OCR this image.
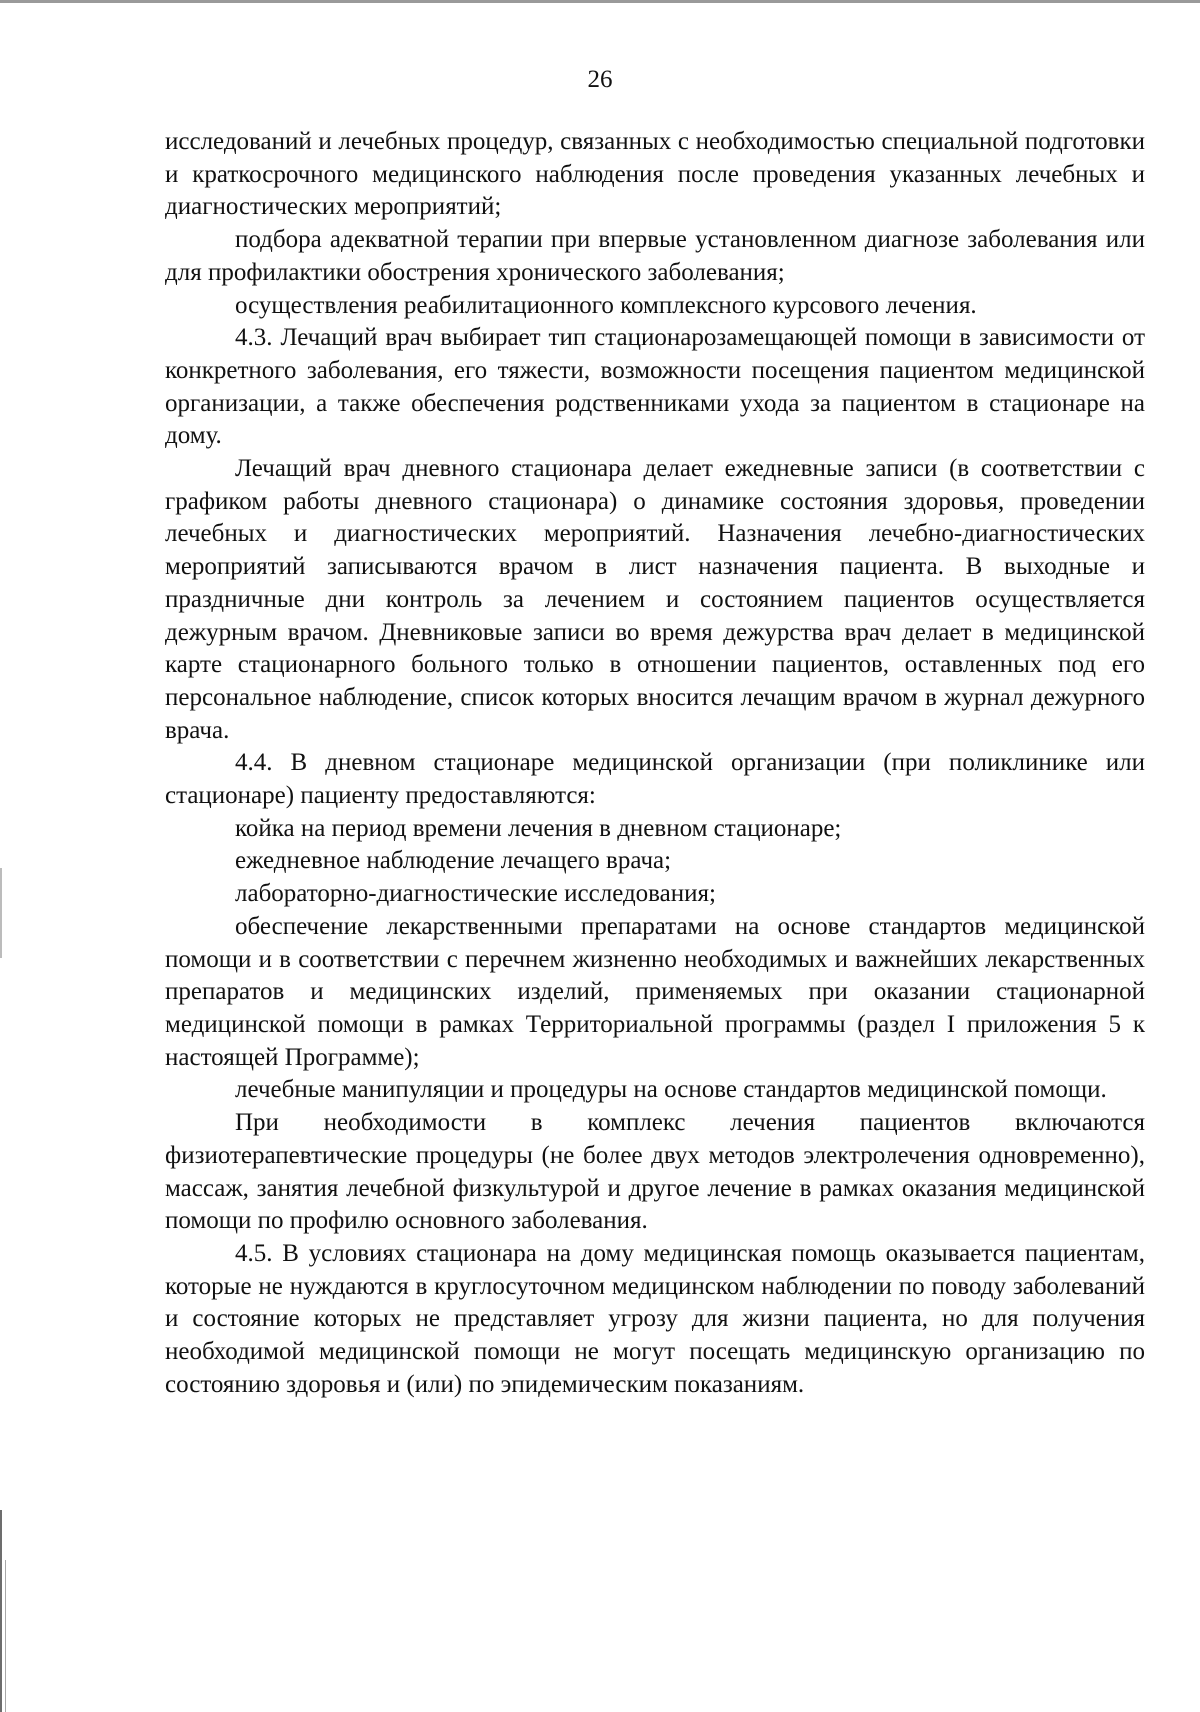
26

исследований и лечебных процедур, связанных с необходимостью специальной подготовки и краткосрочного медицинского наблюдения после проведения указанных лечебных и диагностических мероприятий;

подбора адекватной терапии при впервые установленном диагнозе заболевания или для профилактики обострения хронического заболевания;

осуществления реабилитационного комплексного курсового лечения.

4.3. Лечащий врач выбирает тип стационарозамещающей помощи в зависимости от конкретного заболевания, его тяжести, возможности посещения пациентом медицинской организации, а также обеспечения родственниками ухода за пациентом в стационаре на дому.

Лечащий врач дневного стационара делает ежедневные записи (в соответствии с графиком работы дневного стационара) о динамике состояния здоровья, проведении лечебных и диагностических мероприятий. Назначения лечебно-диагностических мероприятий записываются врачом в лист назначения пациента. В выходные и праздничные дни контроль за лечением и состоянием пациентов осуществляется дежурным врачом. Дневниковые записи во время дежурства врач делает в медицинской карте стационарного больного только в отношении пациентов, оставленных под его персональное наблюдение, список которых вносится лечащим врачом в журнал дежурного врача.

4.4. В дневном стационаре медицинской организации (при поликлинике или стационаре) пациенту предоставляются:

койка на период времени лечения в дневном стационаре;

ежедневное наблюдение лечащего врача;

лабораторно-диагностические исследования;

обеспечение лекарственными препаратами на основе стандартов медицинской помощи и в соответствии с перечнем жизненно необходимых и важнейших лекарственных препаратов и медицинских изделий, применяемых при оказании стационарной медицинской помощи в рамках Территориальной программы (раздел I приложения 5 к настоящей Программе);

лечебные манипуляции и процедуры на основе стандартов медицинской помощи.

При необходимости в комплекс лечения пациентов включаются физиотерапевтические процедуры (не более двух методов электролечения одновременно), массаж, занятия лечебной физкультурой и другое лечение в рамках оказания медицинской помощи по профилю основного заболевания.

4.5. В условиях стационара на дому медицинская помощь оказывается пациентам, которые не нуждаются в круглосуточном медицинском наблюдении по поводу заболеваний и состояние которых не представляет угрозу для жизни пациента, но для получения необходимой медицинской помощи не могут посещать медицинскую организацию по состоянию здоровья и (или) по эпидемическим показаниям.
